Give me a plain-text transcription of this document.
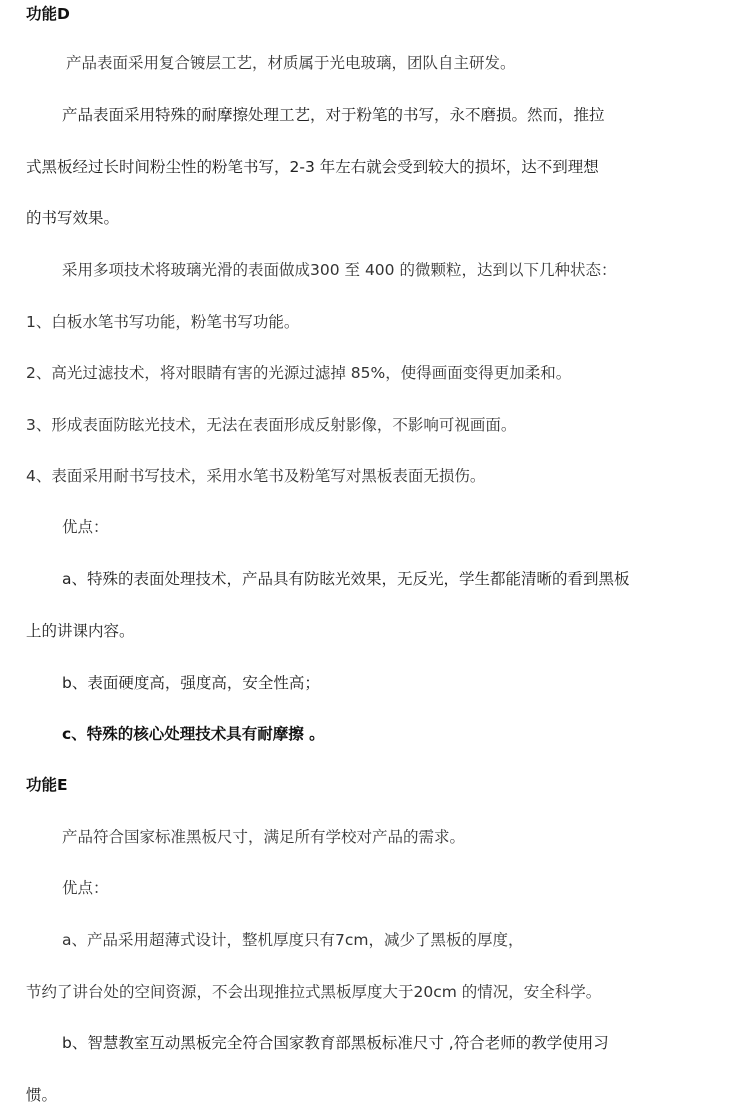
功能D
产品表面采用复合镀层工艺，材质属于光电玻璃，团队自主研发。
产品表面采用特殊的耐摩擦处理工艺，对于粉笔的书写，永不磨损。然而，推拉
式黑板经过长时间粉尘性的粉笔书写，2-3 年左右就会受到较大的损坏，达不到理想
的书写效果。
采用多项技术将玻璃光滑的表面做成300 至 400 的微颗粒，达到以下几种状态：
1、白板水笔书写功能，粉笔书写功能。
2、高光过滤技术，将对眼睛有害的光源过滤掉 85%，使得画面变得更加柔和。
3、形成表面防眩光技术，无法在表面形成反射影像，不影响可视画面。
4、表面采用耐书写技术，采用水笔书及粉笔写对黑板表面无损伤。
优点：
a、特殊的表面处理技术，产品具有防眩光效果，无反光，学生都能清晰的看到黑板
上的讲课内容。
b、表面硬度高，强度高，安全性高；
c、特殊的核心处理技术具有耐摩擦 。
功能E
产品符合国家标准黑板尺寸，满足所有学校对产品的需求。
优点：
a、产品采用超薄式设计，整机厚度只有7cm，减少了黑板的厚度，
节约了讲台处的空间资源，不会出现推拉式黑板厚度大于20cm 的情况，安全科学。
b、智慧教室互动黑板完全符合国家教育部黑板标准尺寸 ,符合老师的教学使用习
惯。
